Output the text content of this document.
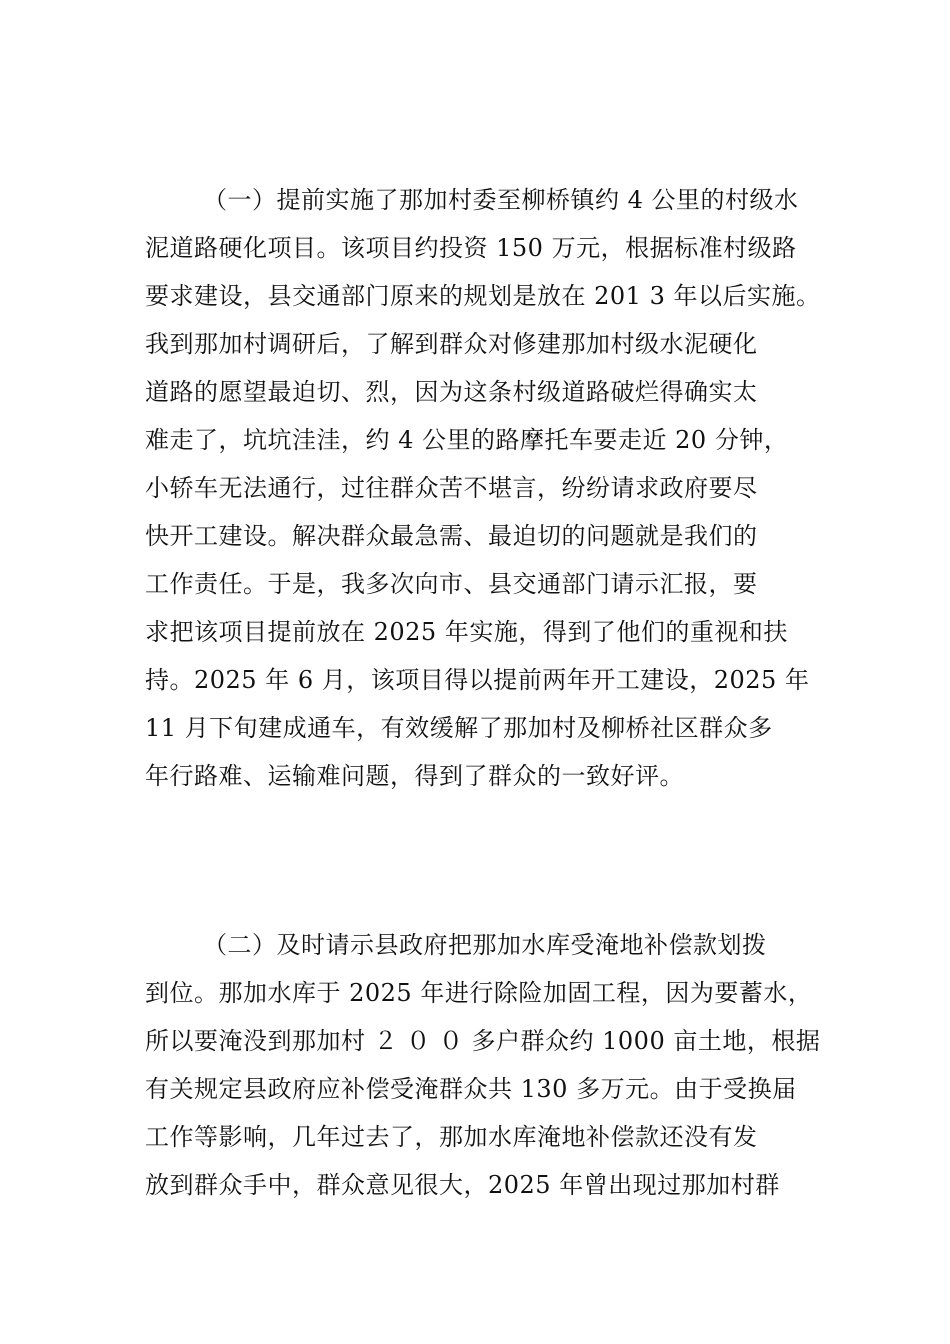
（一）提前实施了那加村委至柳桥镇约 4 公里的村级水
泥道路硬化项目。该项目约投资 150 万元，根据标准村级路
要求建设，县交通部门原来的规划是放在 201 3 年以后实施。
我到那加村调研后，了解到群众对修建那加村级水泥硬化
道路的愿望最迫切、烈，因为这条村级道路破烂得确实太
难走了，坑坑洼洼，约 4 公里的路摩托车要走近 20 分钟，
小轿车无法通行，过往群众苦不堪言，纷纷请求政府要尽
快开工建设。解决群众最急需、最迫切的问题就是我们的
工作责任。于是，我多次向市、县交通部门请示汇报，要
求把该项目提前放在 2025 年实施，得到了他们的重视和扶
持。2025 年 6 月，该项目得以提前两年开工建设，2025 年
11 月下旬建成通车，有效缓解了那加村及柳桥社区群众多
年行路难、运输难问题，得到了群众的一致好评。
（二）及时请示县政府把那加水库受淹地补偿款划拨
到位。那加水库于 2025 年进行除险加固工程，因为要蓄水，
所以要淹没到那加村 ２ ０ ０ 多户群众约 1000 亩土地，根据
有关规定县政府应补偿受淹群众共 130 多万元。由于受换届
工作等影响，几年过去了，那加水库淹地补偿款还没有发
放到群众手中，群众意见很大，2025 年曾出现过那加村群
